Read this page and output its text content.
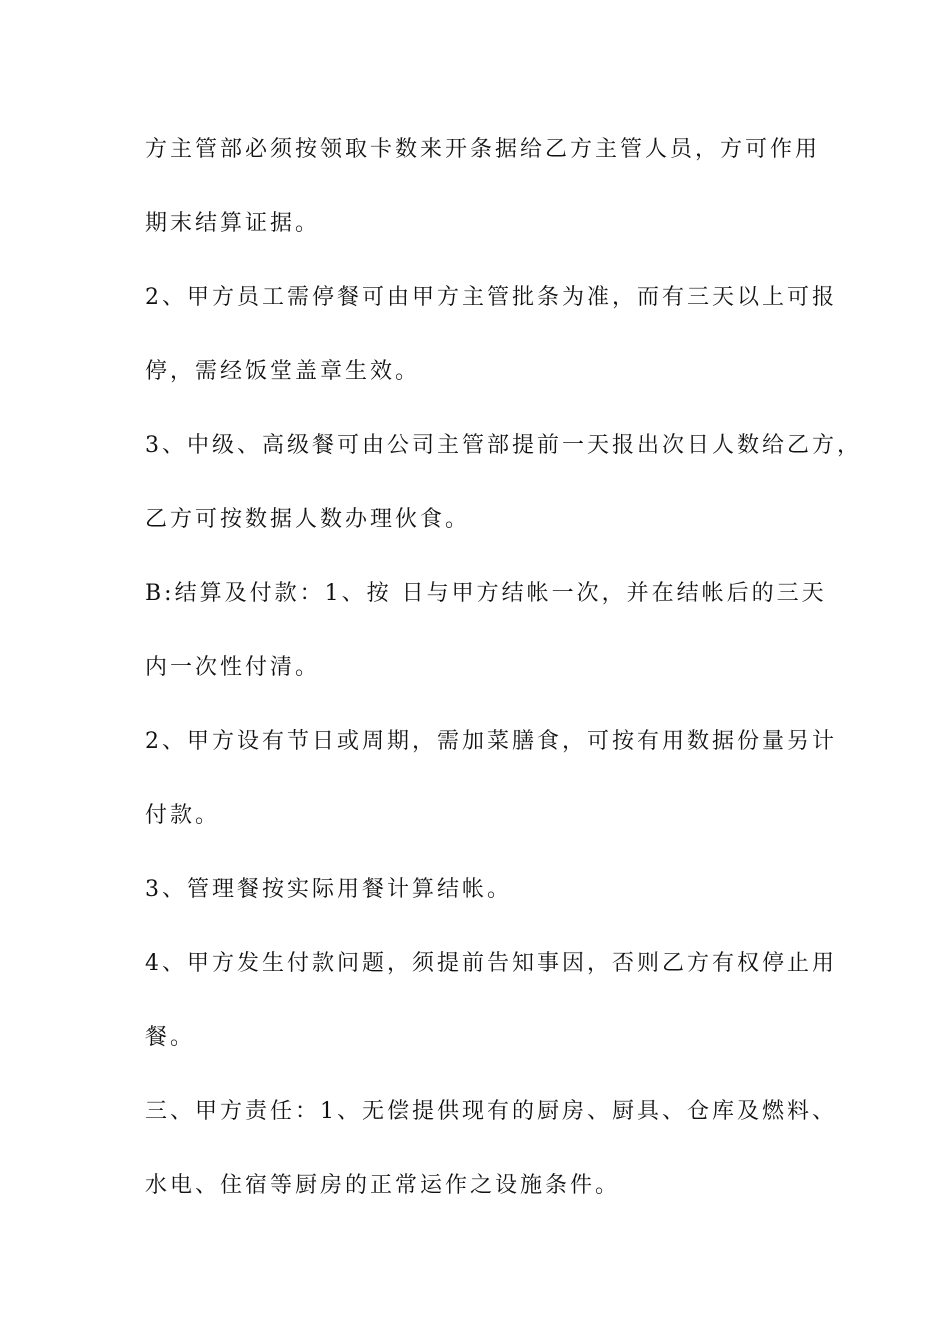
方主管部必须按领取卡数来开条据给乙方主管人员，方可作用
期末结算证据。
2、甲方员工需停餐可由甲方主管批条为准，而有三天以上可报
停，需经饭堂盖章生效。
3、中级、高级餐可由公司主管部提前一天报出次日人数给乙方，
乙方可按数据人数办理伙食。
B:结算及付款：1、按 日与甲方结帐一次，并在结帐后的三天
内一次性付清。
2、甲方设有节日或周期，需加菜膳食，可按有用数据份量另计
付款。
3、管理餐按实际用餐计算结帐。
4、甲方发生付款问题，须提前告知事因，否则乙方有权停止用
餐。
三、甲方责任：1、无偿提供现有的厨房、厨具、仓库及燃料、
水电、住宿等厨房的正常运作之设施条件。
